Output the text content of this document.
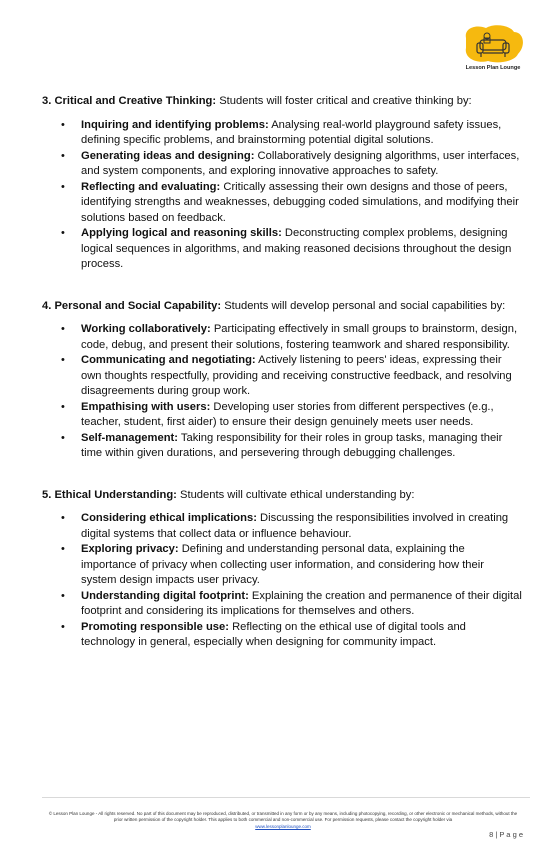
Lesson Plan Lounge

3. Critical and Creative Thinking: Students will foster critical and creative thinking by:

• Inquiring and identifying problems: Analysing real-world playground safety issues, defining specific problems, and brainstorming potential digital solutions.
• Generating ideas and designing: Collaboratively designing algorithms, user interfaces, and system components, and exploring innovative approaches to safety.
• Reflecting and evaluating: Critically assessing their own designs and those of peers, identifying strengths and weaknesses, debugging coded simulations, and modifying their solutions based on feedback.
• Applying logical and reasoning skills: Deconstructing complex problems, designing logical sequences in algorithms, and making reasoned decisions throughout the design process.

4. Personal and Social Capability: Students will develop personal and social capabilities by:

• Working collaboratively: Participating effectively in small groups to brainstorm, design, code, debug, and present their solutions, fostering teamwork and shared responsibility.
• Communicating and negotiating: Actively listening to peers' ideas, expressing their own thoughts respectfully, providing and receiving constructive feedback, and resolving disagreements during group work.
• Empathising with users: Developing user stories from different perspectives (e.g., teacher, student, first aider) to ensure their design genuinely meets user needs.
• Self-management: Taking responsibility for their roles in group tasks, managing their time within given durations, and persevering through debugging challenges.

5. Ethical Understanding: Students will cultivate ethical understanding by:

• Considering ethical implications: Discussing the responsibilities involved in creating digital systems that collect data or influence behaviour.
• Exploring privacy: Defining and understanding personal data, explaining the importance of privacy when collecting user information, and considering how their system design impacts user privacy.
• Understanding digital footprint: Explaining the creation and permanence of their digital footprint and considering its implications for themselves and others.
• Promoting responsible use: Reflecting on the ethical use of digital tools and technology in general, especially when designing for community impact.
© Lesson Plan Lounge - All rights reserved. No part of this document may be reproduced, distributed, or transmitted in any form or by any means, including photocopying, recording, or other electronic or mechanical methods, without the prior written permission of the copyright holder. This applies to both commercial and non-commercial use. For permission requests, please contact the copyright holder via
www.lessonplanlounge.com
8 | P a g e
